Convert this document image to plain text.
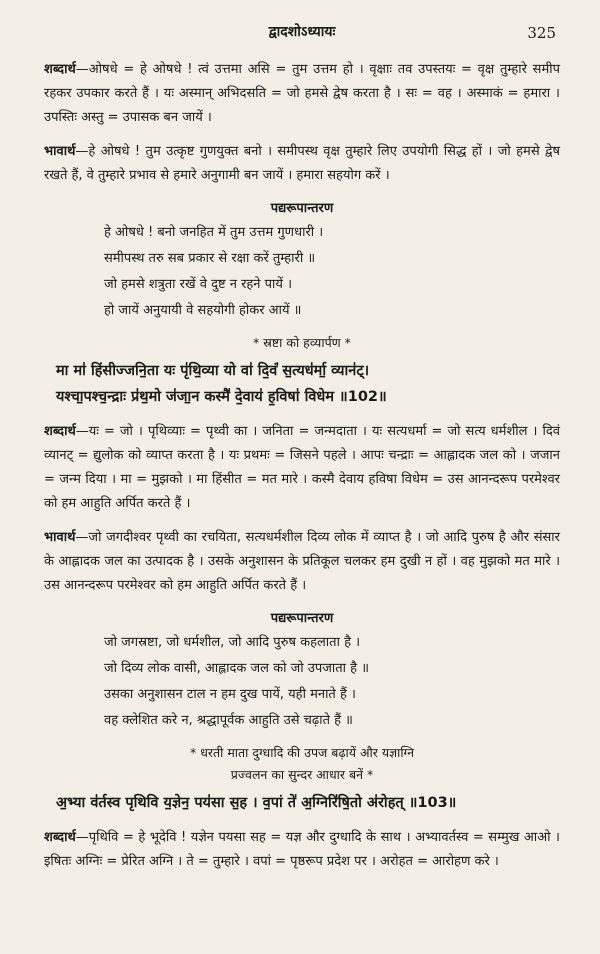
द्वादशोऽध्यायः	325

शब्दार्थ—ओषधे = हे ओषधे ! त्वं उत्तमा असि = तुम उत्तम हो । वृक्षाः तव उपस्तयः = वृक्ष तुम्हारे समीप रहकर उपकार करते हैं । यः अस्मान् अभिदसति = जो हमसे द्वेष करता है । सः = वह । अस्माकं = हमारा । उपस्तिः अस्तु = उपासक बन जायें ।

भावार्थ—हे ओषधे ! तुम उत्कृष्ट गुणयुक्त बनो । समीपस्थ वृक्ष तुम्हारे लिए उपयोगी सिद्ध हों । जो हमसे द्वेष रखते हैं, वे तुम्हारे प्रभाव से हमारे अनुगामी बन जायें । हमारा सहयोग करें ।

पद्यरूपान्तरण

हे ओषधे ! बनो जनहित में तुम उत्तम गुणधारी ।

समीपस्थ तरु सब प्रकार से रक्षा करें तुम्हारी ॥

जो हमसे शत्रुता रखें वे दुष्ट न रहने पायें ।

हो जायें अनुयायी वे सहयोगी होकर आयें ॥

* स्रष्टा को हव्यार्पण *
मा मा॑ हिंसीज्जनि॒ता यः पृ॑थि॒व्या यो वा॑ दि॒वं॑ स॒त्यध॑र्मा॒ व्यान॑ट्।
यश्चा॒पश्च॒न्द्राः प्र॑थ॒मो ज॑जा॒न कस्मै॑ दे॒वाय॑ ह॒विषा॑ विधेम ॥102॥

शब्दार्थ—यः = जो । पृथिव्याः = पृथ्वी का । जनिता = जन्मदाता । यः सत्यधर्मा = जो सत्य धर्मशील । दिवं व्यानट् = द्युलोक को व्याप्त करता है । यः प्रथमः = जिसने पहले । आपः चन्द्राः = आह्लादक जल को । जजान = जन्म दिया । मा = मुझको । मा हिंसीत = मत मारे । कस्मै देवाय हविषा विधेम = उस आनन्दरूप परमेश्वर को हम आहुति अर्पित करते हैं ।

भावार्थ—जो जगदीश्वर पृथ्वी का रचयिता, सत्यधर्मशील दिव्य लोक में व्याप्त है । जो आदि पुरुष है और संसार के आह्लादक जल का उत्पादक है । उसके अनुशासन के प्रतिकूल चलकर हम दुखी न हों । वह मुझको मत मारे । उस आनन्दरूप परमेश्वर को हम आहुति अर्पित करते हैं ।

पद्यरूपान्तरण

जो जगस्रष्टा, जो धर्मशील, जो आदि पुरुष कहलाता है ।

जो दिव्य लोक वासी, आह्लादक जल को जो उपजाता है ॥

उसका अनुशासन टाल न हम दुख पायें, यही मनाते हैं ।

वह क्लेशित करे न, श्रद्धापूर्वक आहुति उसे चढ़ाते हैं ॥

* धरती माता दुग्धादि की उपज बढ़ायें और यज्ञाग्नि
प्रज्वलन का सुन्दर आधार बनें *
अ॒भ्या व॑र्तस्व पृथिवि य॒ज्ञेन॒ पय॑सा स॒ह । व॒पां ते॑ अ॒ग्निरि॑षि॒तो अ॑रोहत् ॥103॥

शब्दार्थ—पृथिवि = हे भूदेवि ! यज्ञेन पयसा सह = यज्ञ और दुग्धादि के साथ । अभ्यावर्तस्व = सम्मुख आओ । इषितः अग्निः = प्रेरित अग्नि । ते = तुम्हारे । वपां = पृष्ठरूप प्रदेश पर । अरोहत = आरोहण करे ।
